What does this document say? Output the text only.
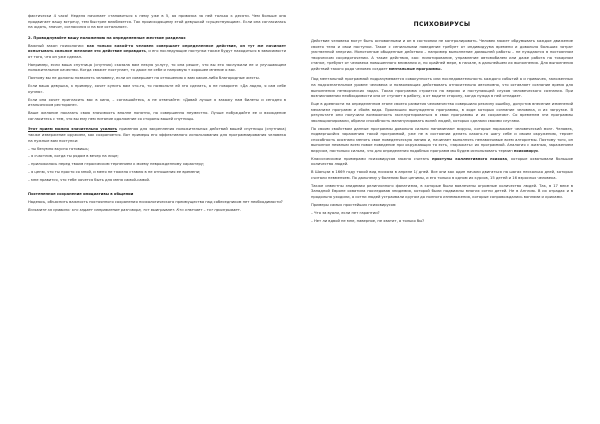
фактически 4 часа! Неделя начинает становиться к нему уже в 5, ая привязка за ней только к десяти. Чем больше она продвигает вашу встречу, тем быстрее влюбляется. Так происходящему этой девушкой «существующим». Если она согласилась на ждать, значит, согласился и на все остальное».

2. Проводнувайте вашу положению на определенные жесткие разделах

Важный закон психологии: как только какой-то человек совершает определенное действие, он тут же начинает испытывать сильное желание это действие оправдать, и его последующие поступки также будут находиться в зависимости от того, что он уже сделал.

Например, если ваша спутница (спутник) сказала вам некую услугу, то она решит, что вы его заслужили ее и улучшающем положительное качество. Когда свяжет поступает, то даже не себе и напрямую т хорошее мнение о вас.

Поэтому вы не должны позволять человеку, если он совершает по отношению к вам какие-либо благородные жесты.

Если ваша девушка, к примеру, хочет купить вам что-то, то позвольте ей это сделать, а не говорите: «Да ладно, я сам себе куплю».

Если она хочет пригласить вас в кино, – соглашайтесь, а не отвечайте: «Давай лучше я закажу нам билеты и сегодня в итальянском ресторане».

Ваше желание показать свою значимость вполне понятно, но совершенно неуместно. Лучше побуждайте ее и вхождение согласитесь с тем, что вы ему нем питание одолжение со стороны вашей спутницы.

Этот прием можно значительно усилить применяя для закрепления положительных действий вашей спутницы (спутника) также извержение оружием, как сохраняется. Вот примеры его эффективного использования для программирования человека на нужные вам поступки:

– ты безумно вкусно готовишь;

– я счастлив, когда ты рядом в вечер на лице;

– приложилось перед твоим героическим терпением к моему неврожденному характеру;

– я ценю, что ты просто со мной, и меня не тяжело ставлю в не отношения ее времени;

– мне нравится, что тебе хочется быть для меня самой-самой.

Постепенное сохранение инициативы в общении

Надеюсь, объяснить важность постоянного сохранения психологического преимущества над собеседником нет необходимости?

Возьмите за правило: кто задает направление разговора, тот выигрывает. Кто отвечает – тот проигрывает.

ПСИХОВИРУСЫ

Действие человека могут быть основанными и он в состоянии не контролировать. Человек может обдумывать каждое движение своего тела и свои поступки. Такое с сенильными поведение требует от индивидуума времени и довольно больших затрат умственной энергии. Монотонные обыденные действия – например выполнение домашней работы – не нуждаются в постоянном творческом сосредоточении. А такие действия, как: пилотирование, управление автомобилем или даже работа на токарном станке, требуют от человека повышенного внимания и, по крайней мере, в начале, в дальнейшем их выполнения. Для выполнения действий такого рода человек создает ментальные программы.

Под ментальной программой подразумевается совокупность или последовательность каждого событий а и привычек, заложенных на подсознательном уровне человека и позволяющих действовать относительно автономно, что оставляет сознание время для выполнения нетворческих задач. Такая программа строится на вериях и поступающей слухов человеческого сознания. При возникновении необходимости она от ступает в работу, а от водите сторону, когда нужда в ней отпадает.

Еще в древности на определенном этапе своего развития человечество совершило реклину ошибку, допустив внесение изменений механизм программ и сбоёв вида. Произошло вынужденно программы, в ходе которых сознание человека, и их загрузке. В результате они получили возможность эксплуатироваться в свои программы и их сохраняют. Со временем эти программы эволюционировали, обрели способность манипулировать волей людей, которых сделали своими слугами.

По своим свойствам данные программы довольно сильно напоминают вирусы, которые поражают человеческий мозг. Человек, подвергшийся заражению такой программой, уже не в состоянии делать какого-то шагу себе и своим окружению, теряет способность осознано менять свое поведенческую линию и, начинает выполнять ненавязчивые всем алгоритмы. Поэтому того, он выполнял неявным всем новое поведение при окружающих то есть, «заражать» их программой. Аналогия с жизнью, заражением вирусом, настолько сильна, что для определения подобных программ мы будем использовать термин психовирус.

Классическими примерами психовирусов можно считать приступы коллективного психоза, которые охватывали большое количество людей.

В Шанцзи в 1669 году такой вид психоза в апреле 1/ дней. Все они как один начали двигаться на шагах несколько дней, которых считали невменяем. По дальнему у болению был ценимы, и его только в одном их курсов, 15 детей и 16 взрослых человека.

Также известны эпидемии религиозного фанатизма, в которые были вовлечены огромные количество людей. Так, в 17 веке в Западной Европе охватила последовав эпидемия, которой были подвижны многих сотни детей. Не в Англию. В их отрадах и в продольно уходили, а сотни людей устраивали кругом до полного изнеможения, которые сопровождались воплями и криками.

Примеры самых простейших психовирусов:

– Что за вуали, если нет гарантии?

– Нет ли вдвой не мне, наверное, не хватит, а только бы?
